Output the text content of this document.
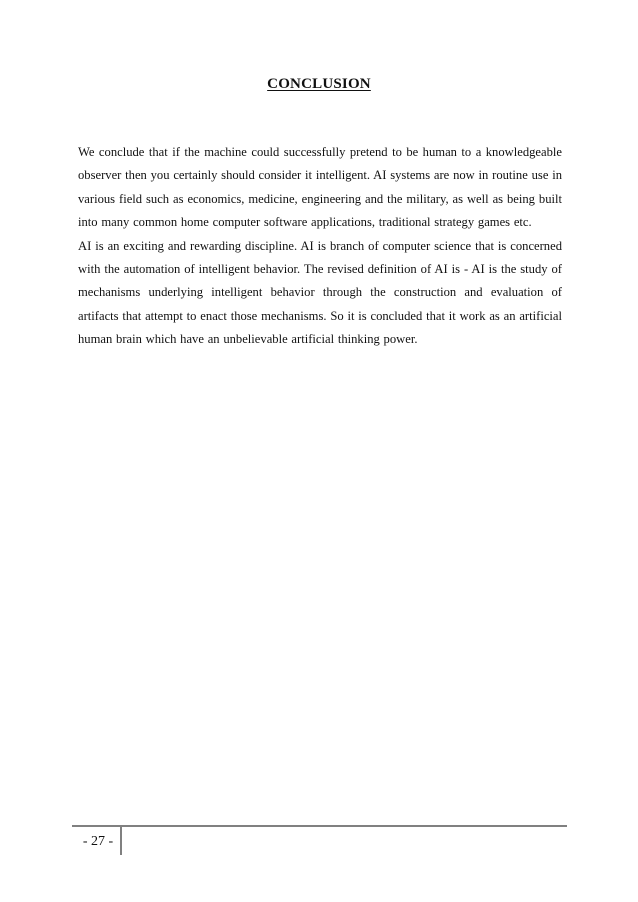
CONCLUSION

We conclude that if the machine could successfully pretend to be human to a knowledgeable observer then you certainly should consider it intelligent. AI systems are now in routine use in various field such as economics, medicine, engineering and the military, as well as being built into many common home computer software applications, traditional strategy games etc.

AI is an exciting and rewarding discipline. AI is branch of computer science that is concerned with the automation of intelligent behavior. The revised definition of AI is - AI is the study of mechanisms underlying intelligent behavior through the construction and evaluation of artifacts that attempt to enact those mechanisms. So it is concluded that it work as an artificial human brain which have an unbelievable artificial thinking power.

- 27 -
